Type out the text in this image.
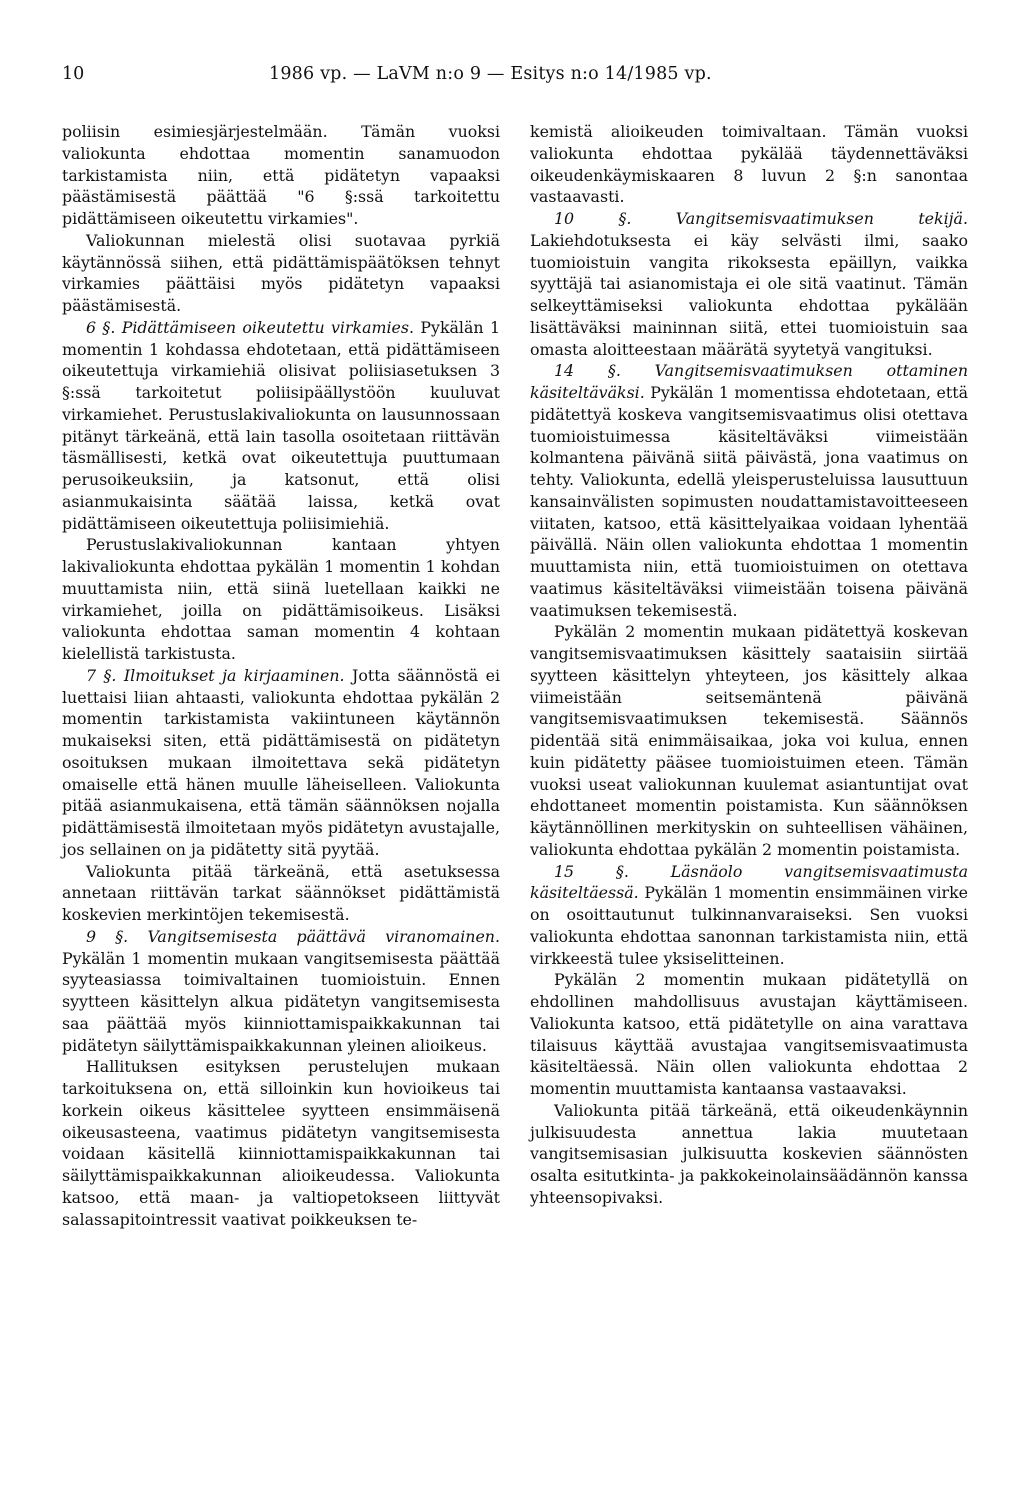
10	1986 vp. — LaVM n:o 9 — Esitys n:o 14/1985 vp.

poliisin esimiesjärjestelmään. Tämän vuoksi valiokunta ehdottaa momentin sanamuodon tarkistamista niin, että pidätetyn vapaaksi päästämisestä päättää "6 §:ssä tarkoitettu pidättämiseen oikeutettu virkamies".

Valiokunnan mielestä olisi suotavaa pyrkiä käytännössä siihen, että pidättämispäätöksen tehnyt virkamies päättäisi myös pidätetyn vapaaksi päästämisestä.

6 §. Pidättämiseen oikeutettu virkamies. Pykälän 1 momentin 1 kohdassa ehdotetaan, että pidättämiseen oikeutettuja virkamiehiä olisivat poliisiasetuksen 3 §:ssä tarkoitetut poliisipäällystöön kuuluvat virkamiehet. Perustuslakivaliokunta on lausunnossaan pitänyt tärkeänä, että lain tasolla osoitetaan riittävän täsmällisesti, ketkä ovat oikeutettuja puuttumaan perusoikeuksiin, ja katsonut, että olisi asianmukaisinta säätää laissa, ketkä ovat pidättämiseen oikeutettuja poliisimiehiä.

Perustuslakivaliokunnan kantaan yhtyen lakivaliokunta ehdottaa pykälän 1 momentin 1 kohdan muuttamista niin, että siinä luetellaan kaikki ne virkamiehet, joilla on pidättämisoikeus. Lisäksi valiokunta ehdottaa saman momentin 4 kohtaan kielellistä tarkistusta.

7 §. Ilmoitukset ja kirjaaminen. Jotta säännöstä ei luettaisi liian ahtaasti, valiokunta ehdottaa pykälän 2 momentin tarkistamista vakiintuneen käytännön mukaiseksi siten, että pidättämisestä on pidätetyn osoituksen mukaan ilmoitettava sekä pidätetyn omaiselle että hänen muulle läheiselleen. Valiokunta pitää asianmukaisena, että tämän säännöksen nojalla pidättämisestä ilmoitetaan myös pidätetyn avustajalle, jos sellainen on ja pidätetty sitä pyytää.

Valiokunta pitää tärkeänä, että asetuksessa annetaan riittävän tarkat säännökset pidättämistä koskevien merkintöjen tekemisestä.

9 §. Vangitsemisesta päättävä viranomainen. Pykälän 1 momentin mukaan vangitsemisesta päättää syyteasiassa toimivaltainen tuomioistuin. Ennen syytteen käsittelyn alkua pidätetyn vangitsemisesta saa päättää myös kiinniottamispaikkakunnan tai pidätetyn säilyttämispaikkakunnan yleinen alioikeus.

Hallituksen esityksen perustelujen mukaan tarkoituksena on, että silloinkin kun hovioikeus tai korkein oikeus käsittelee syytteen ensimmäisenä oikeusasteena, vaatimus pidätetyn vangitsemisesta voidaan käsitellä kiinniottamispaikkakunnan tai säilyttämispaikkakunnan alioikeudessa. Valiokunta katsoo, että maan- ja valtiopetokseen liittyvät salassapitointressit vaativat poikkeuksen te-

kemistä alioikeuden toimivaltaan. Tämän vuoksi valiokunta ehdottaa pykälää täydennettäväksi oikeudenkäymiskaaren 8 luvun 2 §:n sanontaa vastaavasti.

10 §. Vangitsemisvaatimuksen tekijä. Lakiehdotuksesta ei käy selvästi ilmi, saako tuomioistuin vangita rikoksesta epäillyn, vaikka syyttäjä tai asianomistaja ei ole sitä vaatinut. Tämän selkeyttämiseksi valiokunta ehdottaa pykälään lisättäväksi maininnan siitä, ettei tuomioistuin saa omasta aloitteestaan määrätä syytetyä vangituksi.

14 §. Vangitsemisvaatimuksen ottaminen käsiteltäväksi. Pykälän 1 momentissa ehdotetaan, että pidätettyä koskeva vangitsemisvaatimus olisi otettava tuomioistuimessa käsiteltäväksi viimeistään kolmantena päivänä siitä päivästä, jona vaatimus on tehty. Valiokunta, edellä yleisperusteluissa lausuttuun kansainvälisten sopimusten noudattamistavoitteeseen viitaten, katsoo, että käsittelyaikaa voidaan lyhentää päivällä. Näin ollen valiokunta ehdottaa 1 momentin muuttamista niin, että tuomioistuimen on otettava vaatimus käsiteltäväksi viimeistään toisena päivänä vaatimuksen tekemisestä.

Pykälän 2 momentin mukaan pidätettyä koskevan vangitsemisvaatimuksen käsittely saataisiin siirtää syytteen käsittelyn yhteyteen, jos käsittely alkaa viimeistään seitsemäntenä päivänä vangitsemisvaatimuksen tekemisestä. Säännös pidentää sitä enimmäisaikaa, joka voi kulua, ennen kuin pidätetty pääsee tuomioistuimen eteen. Tämän vuoksi useat valiokunnan kuulemat asiantuntijat ovat ehdottaneet momentin poistamista. Kun säännöksen käytännöllinen merkityskin on suhteellisen vähäinen, valiokunta ehdottaa pykälän 2 momentin poistamista.

15 §. Läsnäolo vangitsemisvaatimusta käsiteltäessä. Pykälän 1 momentin ensimmäinen virke on osoittautunut tulkinnanvaraiseksi. Sen vuoksi valiokunta ehdottaa sanonnan tarkistamista niin, että virkkeestä tulee yksiselitteinen.

Pykälän 2 momentin mukaan pidätetyllä on ehdollinen mahdollisuus avustajan käyttämiseen. Valiokunta katsoo, että pidätetylle on aina varattava tilaisuus käyttää avustajaa vangitsemisvaatimusta käsiteltäessä. Näin ollen valiokunta ehdottaa 2 momentin muuttamista kantaansa vastaavaksi.

Valiokunta pitää tärkeänä, että oikeudenkäynnin julkisuudesta annettua lakia muutetaan vangitsemisasian julkisuutta koskevien säännösten osalta esitutkinta- ja pakkokeinolainsäädännön kanssa yhteensopivaksi.
